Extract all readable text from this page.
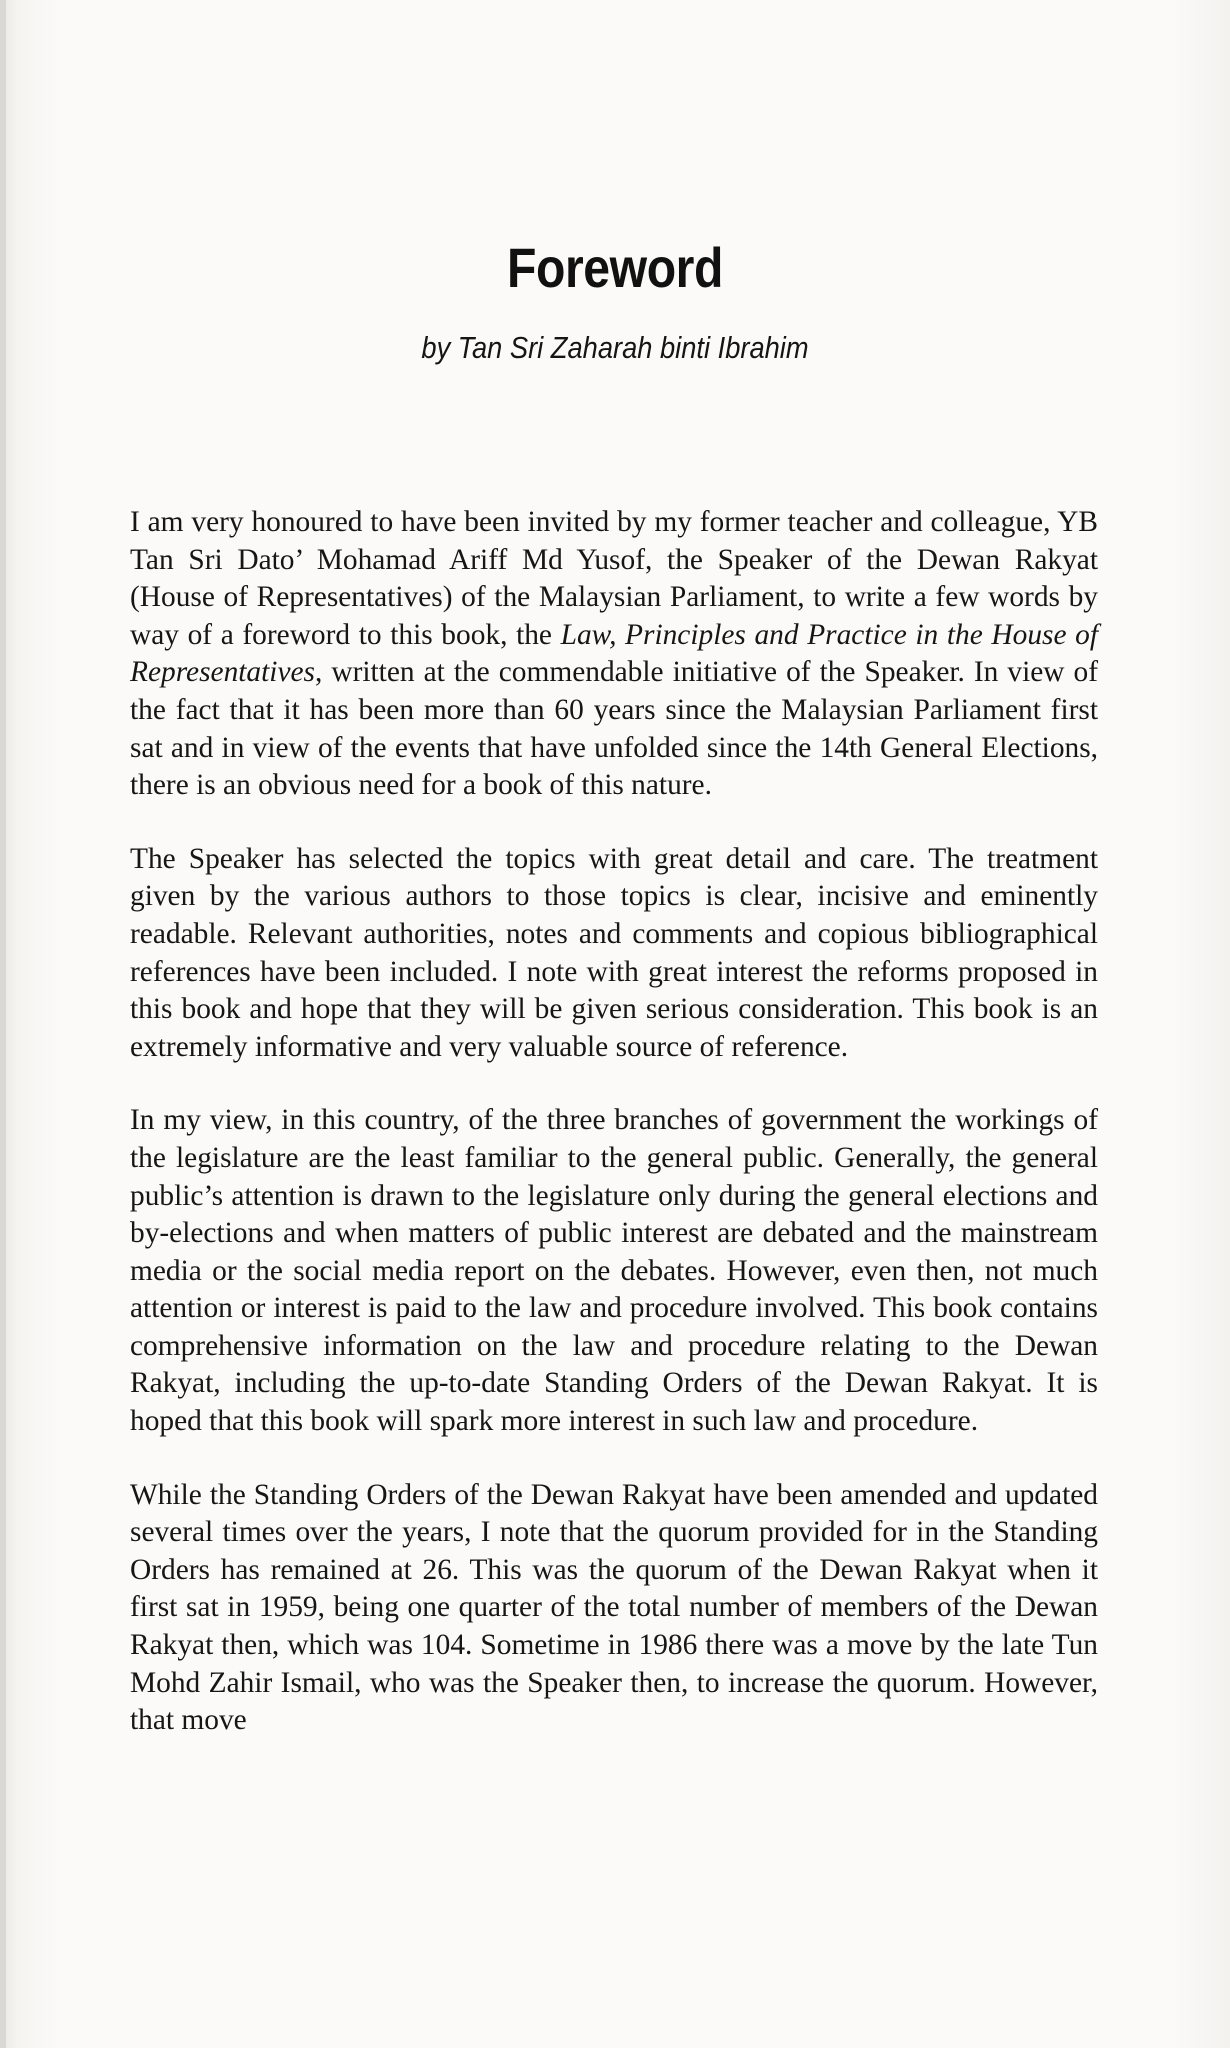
Foreword
by Tan Sri Zaharah binti Ibrahim

I am very honoured to have been invited by my former teacher and colleague, YB Tan Sri Dato’ Mohamad Ariff Md Yusof, the Speaker of the Dewan Rakyat (House of Representatives) of the Malaysian Parliament, to write a few words by way of a foreword to this book, the Law, Principles and Practice in the House of Representatives, written at the commendable initiative of the Speaker. In view of the fact that it has been more than 60 years since the Malaysian Parliament first sat and in view of the events that have unfolded since the 14th General Elections, there is an obvious need for a book of this nature.

The Speaker has selected the topics with great detail and care. The treatment given by the various authors to those topics is clear, incisive and eminently readable. Relevant authorities, notes and comments and copious bibliographical references have been included. I note with great interest the reforms proposed in this book and hope that they will be given serious consideration. This book is an extremely informative and very valuable source of reference.

In my view, in this country, of the three branches of government the workings of the legislature are the least familiar to the general public. Generally, the general public’s attention is drawn to the legislature only during the general elections and by-elections and when matters of public interest are debated and the mainstream media or the social media report on the debates. However, even then, not much attention or interest is paid to the law and procedure involved. This book contains comprehensive information on the law and procedure relating to the Dewan Rakyat, including the up-to-date Standing Orders of the Dewan Rakyat. It is hoped that this book will spark more interest in such law and procedure.

While the Standing Orders of the Dewan Rakyat have been amended and updated several times over the years, I note that the quorum provided for in the Standing Orders has remained at 26. This was the quorum of the Dewan Rakyat when it first sat in 1959, being one quarter of the total number of members of the Dewan Rakyat then, which was 104. Sometime in 1986 there was a move by the late Tun Mohd Zahir Ismail, who was the Speaker then, to increase the quorum. However, that move
